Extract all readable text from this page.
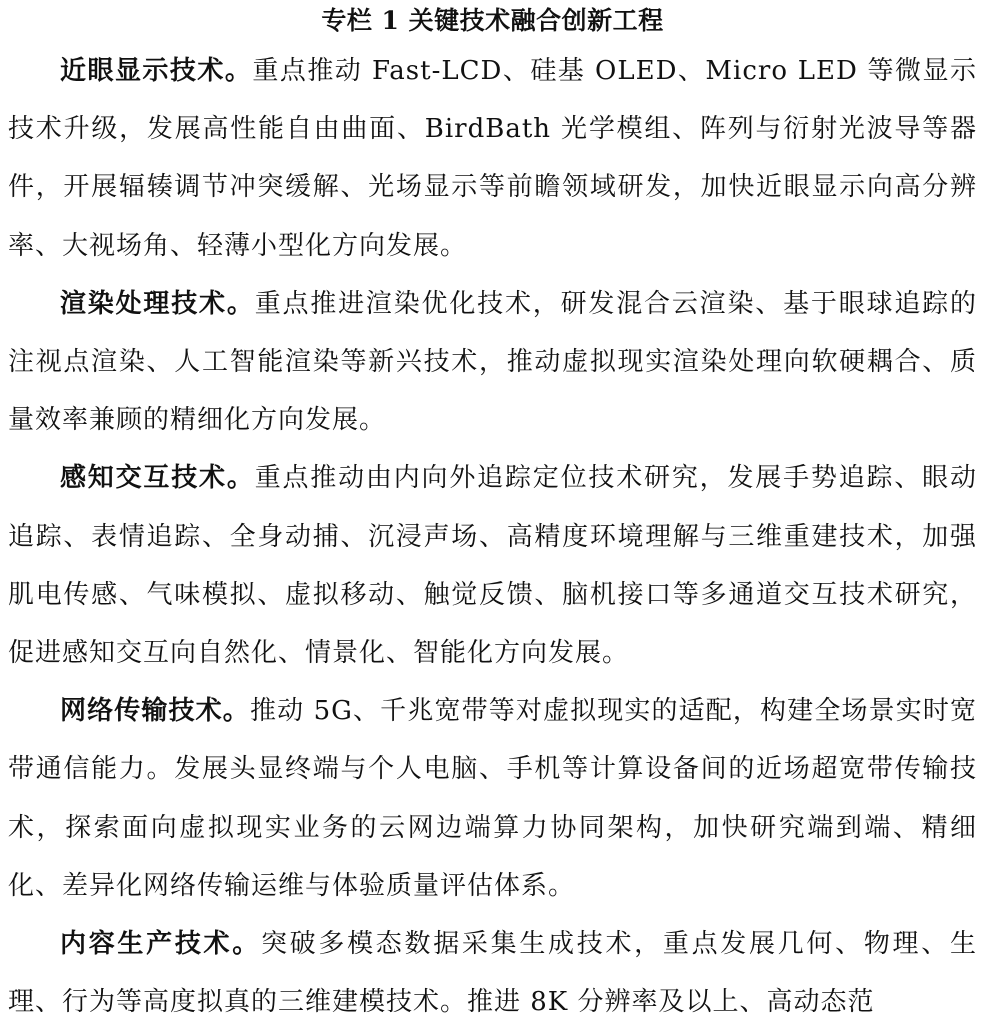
专栏 1 关键技术融合创新工程

近眼显示技术。重点推动 Fast-LCD、硅基 OLED、Micro LED 等微显示技术升级，发展高性能自由曲面、BirdBath 光学模组、阵列与衍射光波导等器件，开展辐辏调节冲突缓解、光场显示等前瞻领域研发，加快近眼显示向高分辨率、大视场角、轻薄小型化方向发展。

渲染处理技术。重点推进渲染优化技术，研发混合云渲染、基于眼球追踪的注视点渲染、人工智能渲染等新兴技术，推动虚拟现实渲染处理向软硬耦合、质量效率兼顾的精细化方向发展。

感知交互技术。重点推动由内向外追踪定位技术研究，发展手势追踪、眼动追踪、表情追踪、全身动捕、沉浸声场、高精度环境理解与三维重建技术，加强肌电传感、气味模拟、虚拟移动、触觉反馈、脑机接口等多通道交互技术研究，促进感知交互向自然化、情景化、智能化方向发展。

网络传输技术。推动 5G、千兆宽带等对虚拟现实的适配，构建全场景实时宽带通信能力。发展头显终端与个人电脑、手机等计算设备间的近场超宽带传输技术，探索面向虚拟现实业务的云网边端算力协同架构，加快研究端到端、精细化、差异化网络传输运维与体验质量评估体系。

内容生产技术。突破多模态数据采集生成技术，重点发展几何、物理、生理、行为等高度拟真的三维建模技术。推进 8K 分辨率及以上、高动态范
